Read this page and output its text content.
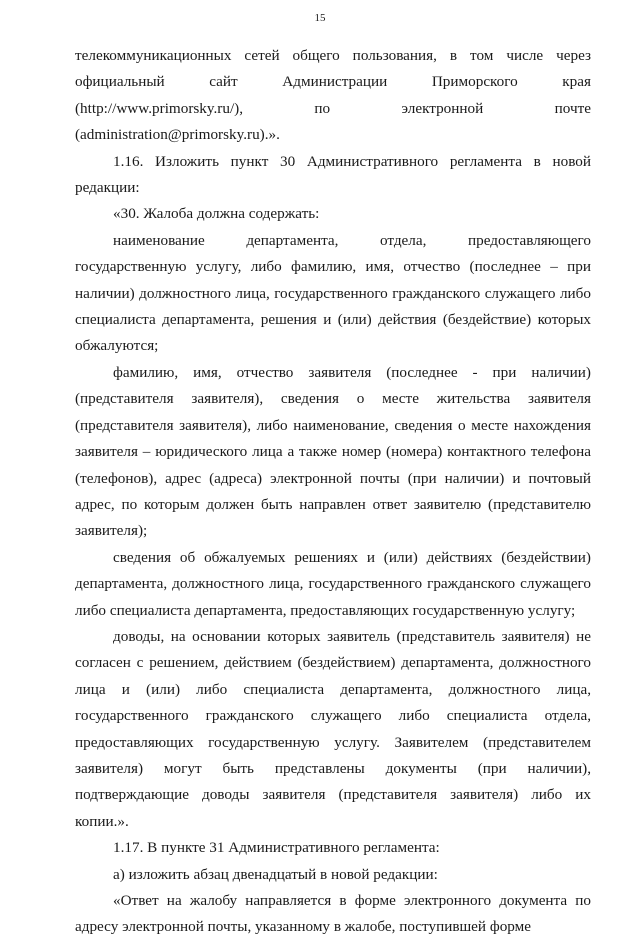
15

телекоммуникационных сетей общего пользования, в том числе через официальный сайт Администрации Приморского края (http://www.primorsky.ru/), по электронной почте (administration@primorsky.ru).».

1.16. Изложить пункт 30 Административного регламента в новой редакции:

«30. Жалоба должна содержать:

наименование департамента, отдела, предоставляющего государственную услугу, либо фамилию, имя, отчество (последнее – при наличии) должностного лица, государственного гражданского служащего либо специалиста департамента, решения и (или) действия (бездействие) которых обжалуются;

фамилию, имя, отчество заявителя (последнее - при наличии) (представителя заявителя), сведения о месте жительства заявителя (представителя заявителя), либо наименование, сведения о месте нахождения заявителя – юридического лица а также номер (номера) контактного телефона (телефонов), адрес (адреса) электронной почты (при наличии) и почтовый адрес, по которым должен быть направлен ответ заявителю (представителю заявителя);

сведения об обжалуемых решениях и (или) действиях (бездействии) департамента, должностного лица, государственного гражданского служащего либо специалиста департамента, предоставляющих государственную услугу;

доводы, на основании которых заявитель (представитель заявителя) не согласен с решением, действием (бездействием) департамента, должностного лица и (или) либо специалиста департамента, должностного лица, государственного гражданского служащего либо специалиста отдела, предоставляющих государственную услугу. Заявителем (представителем заявителя) могут быть представлены документы (при наличии), подтверждающие доводы заявителя (представителя заявителя) либо их копии.».

1.17. В пункте 31 Административного регламента:

а) изложить абзац двенадцатый в новой редакции:

«Ответ на жалобу направляется в форме электронного документа по адресу электронной почты, указанному в жалобе, поступившей форме
